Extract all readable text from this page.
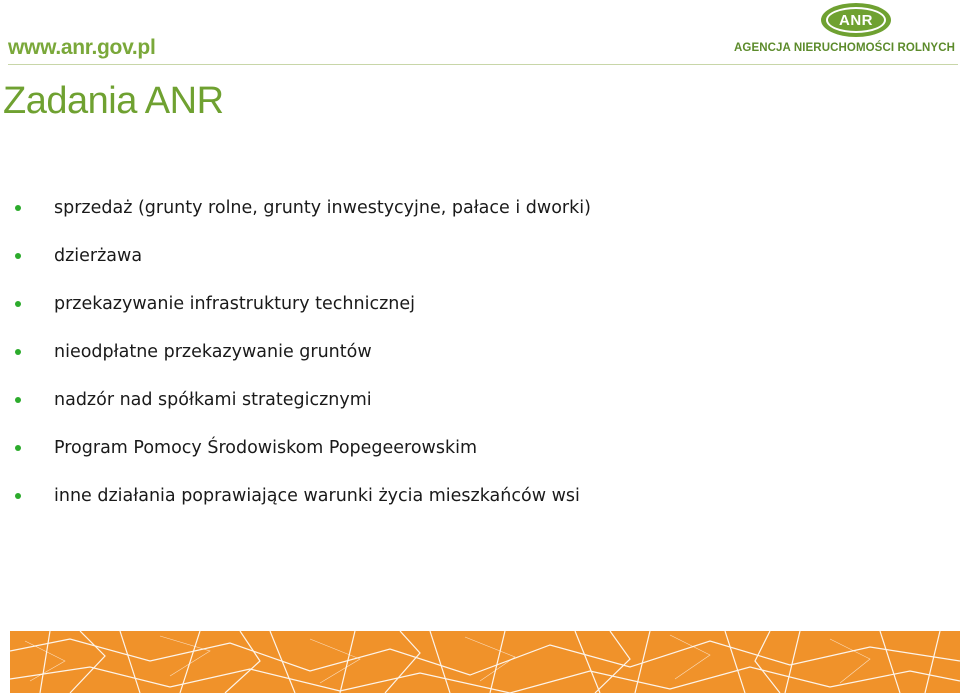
www.anr.gov.pl
ANR
AGENCJA NIERUCHOMOŚCI ROLNYCH
Zadania ANR
sprzedaż (grunty rolne, grunty inwestycyjne, pałace i dworki)
dzierżawa
przekazywanie infrastruktury technicznej
nieodpłatne przekazywanie gruntów
nadzór nad spółkami strategicznymi
Program Pomocy Środowiskom Popegeerowskim
inne działania poprawiające warunki życia mieszkańców wsi
